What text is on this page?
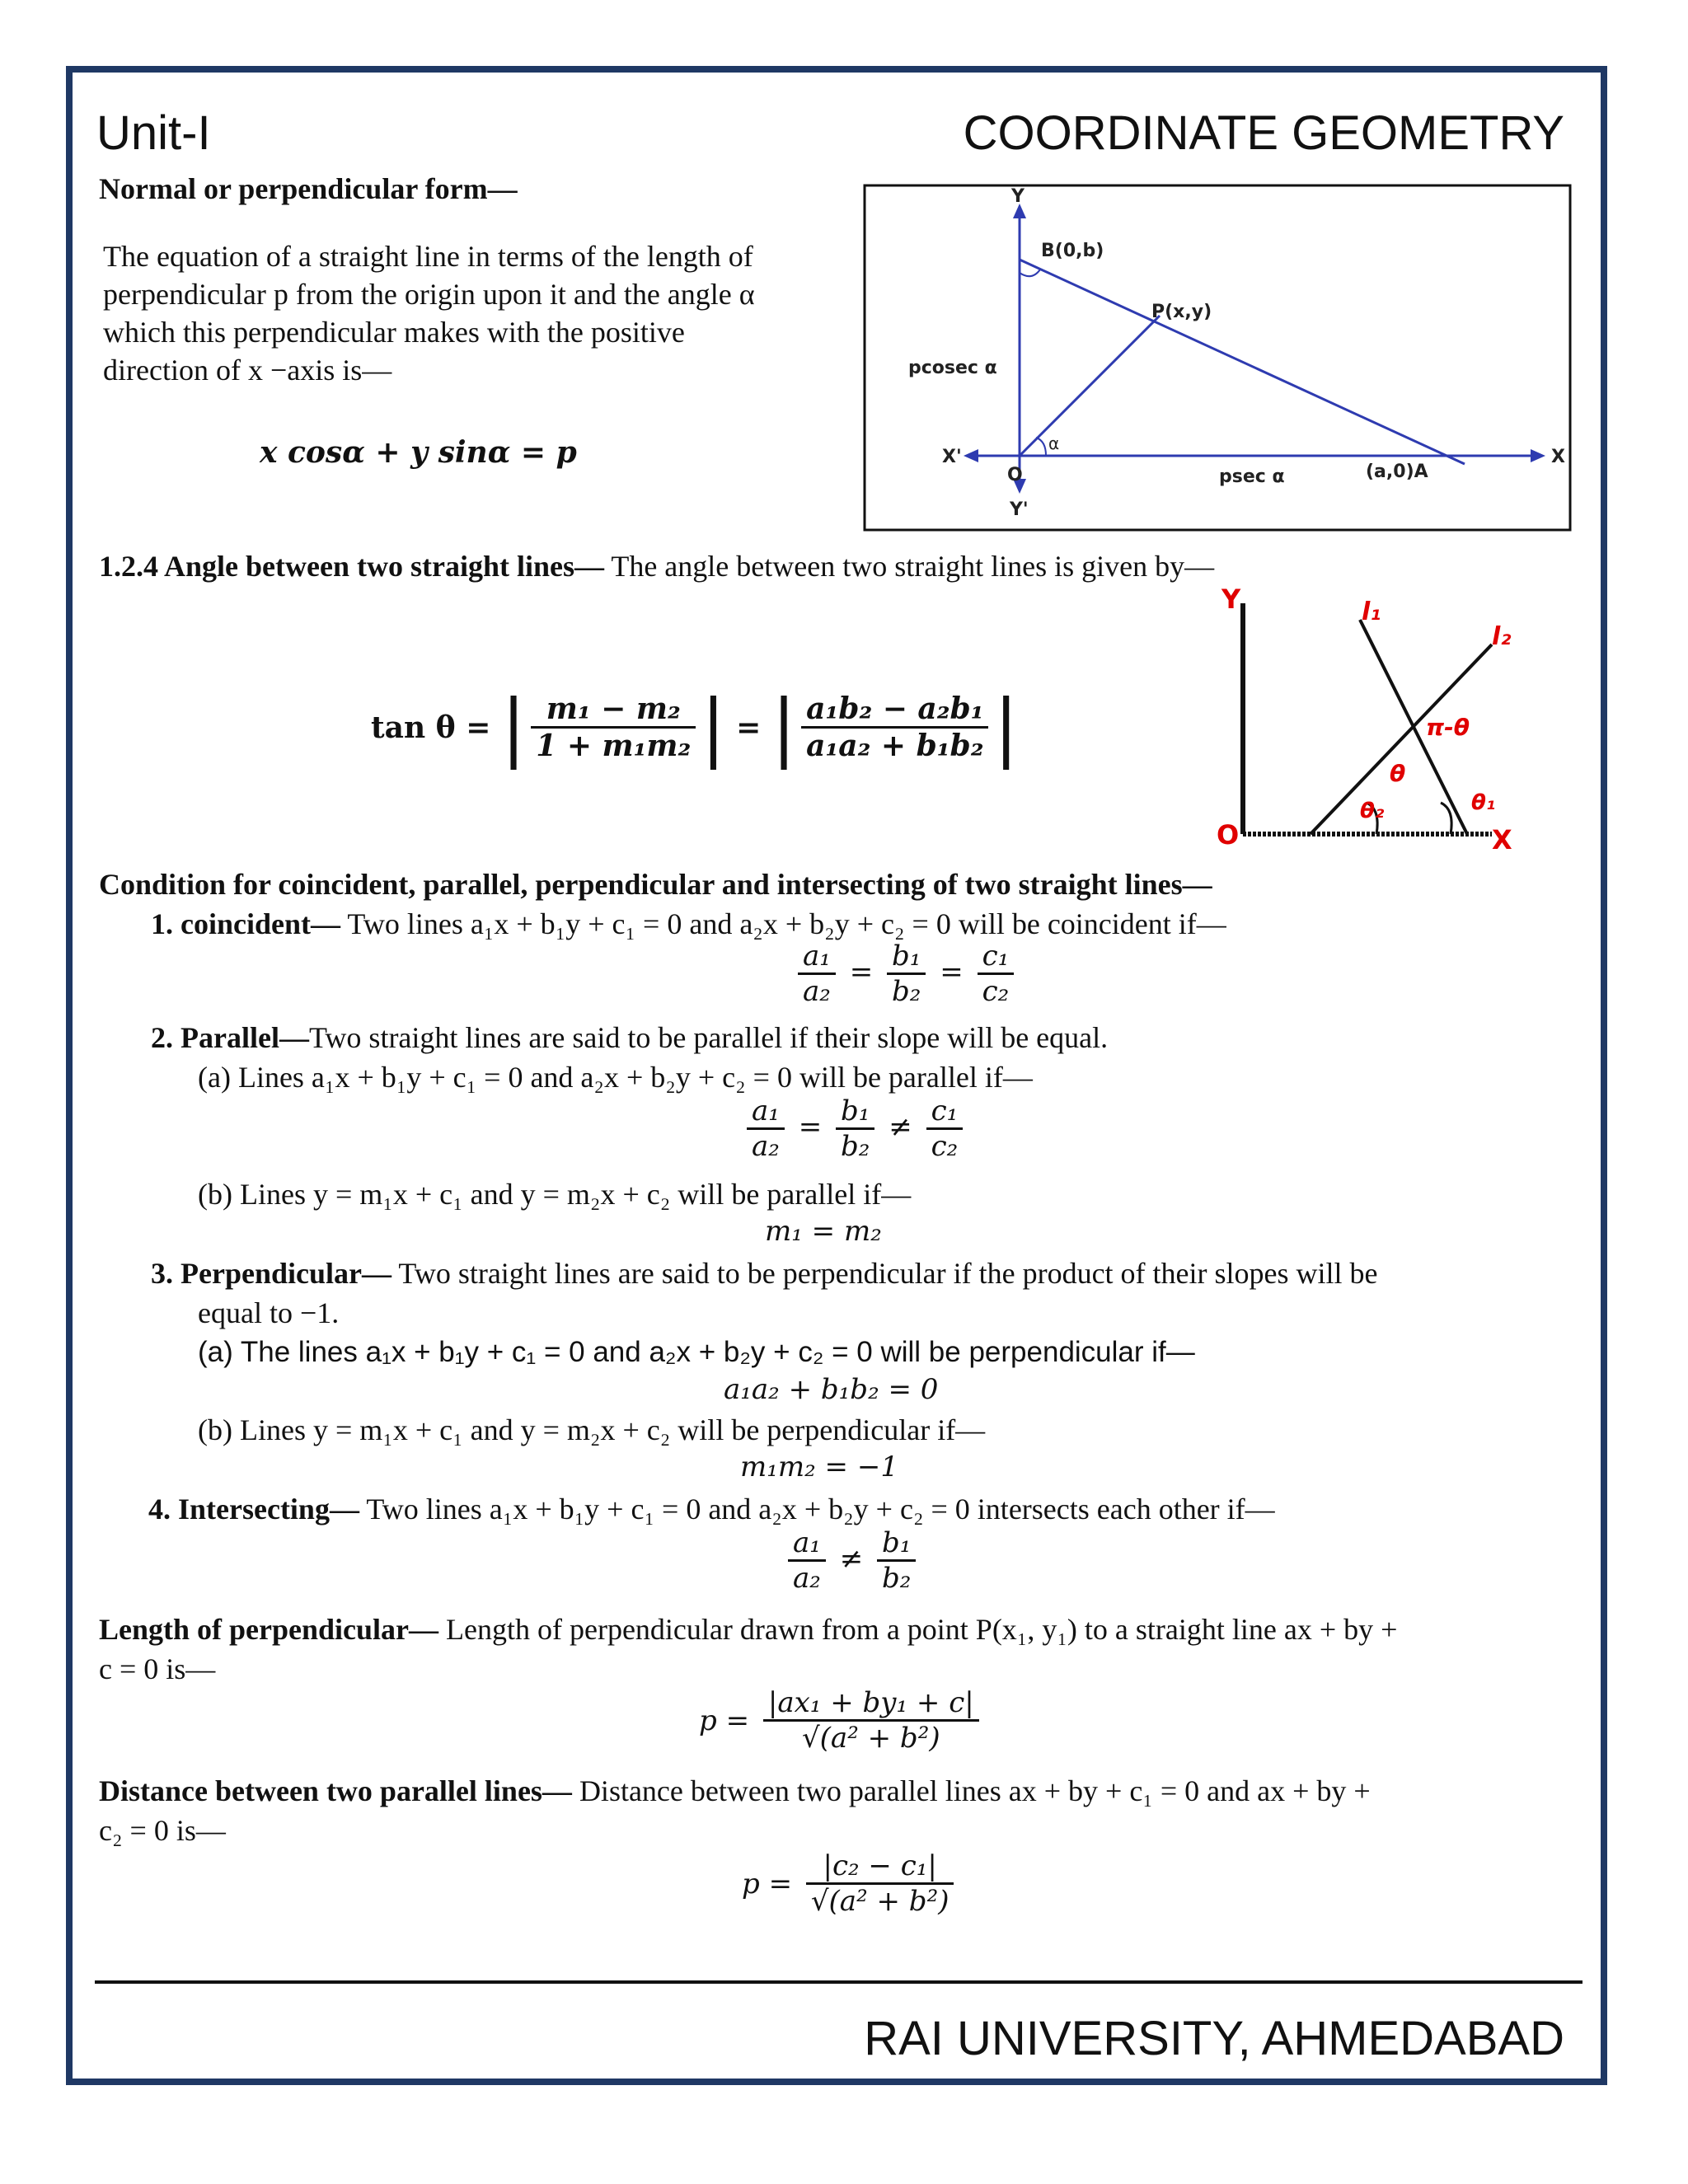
Unit-I	COORDINATE GEOMETRY
Normal or perpendicular form—
The equation of a straight line in terms of the length of
perpendicular p from the origin upon it and the angle α
which this perpendicular makes with the positive
direction of x −axis is—
x cosα + y sinα = p
Y
B(0,b)
P(x,y)
pcosec α
α
X'
O
Y'
psec α	(a,0)A
X
1.2.4 Angle between two straight lines— The angle between two straight lines is given by—
tan θ = | $\frac{\text{m₁ − m₂}}{\text{1 + m₁m₂}}$ | = | $\frac{\text{a₁b₂ − a₂b₁}}{\text{a₁a₂ + b₁b₂}}$ |
Y
O	X
l₁
l₂
π-θ
θ
θ₂	θ₁
Condition for coincident, parallel, perpendicular and intersecting of two straight lines—
1. coincident— Two lines a₁x + b₁y + c₁ = 0 and a₂x + b₂y + c₂ = 0 will be coincident if—
$\frac{\text{a₁}}{\text{a₂}} = \frac{\text{b₁}}{\text{b₂}} = \frac{\text{c₁}}{\text{c₂}}$
2. Parallel—Two straight lines are said to be parallel if their slope will be equal.
(a) Lines a₁x + b₁y + c₁ = 0 and a₂x + b₂y + c₂ = 0 will be parallel if—
$\frac{\text{a₁}}{\text{a₂}} = \frac{\text{b₁}}{\text{b₂}} \ne \frac{\text{c₁}}{\text{c₂}}$
(b) Lines y = m₁x + c₁ and y = m₂x + c₂ will be parallel if—
m₁ = m₂
3. Perpendicular— Two straight lines are said to be perpendicular if the product of their slopes will be
equal to −1.
(a) The lines a₁x + b₁y + c₁ = 0 and a₂x + b₂y + c₂ = 0 will be perpendicular if—
a₁a₂ + b₁b₂ = 0
(b) Lines y = m₁x + c₁ and y = m₂x + c₂ will be perpendicular if—
m₁m₂ = −1
4. Intersecting— Two lines a₁x + b₁y + c₁ = 0 and a₂x + b₂y + c₂ = 0 intersects each other if—
$\frac{\text{a₁}}{\text{a₂}} \ne \frac{\text{b₁}}{\text{b₂}}$
Length of perpendicular— Length of perpendicular drawn from a point P(x₁, y₁) to a straight line ax + by +
c = 0 is—
$p = \frac{\text{|ax₁ + by₁ + c|}}{\text{√(a² + b²)}}$
Distance between two parallel lines— Distance between two parallel lines ax + by + c₁ = 0 and ax + by +
c₂ = 0 is—
$p = \frac{\text{|c₂ − c₁|}}{\text{√(a² + b²)}}$
RAI UNIVERSITY, AHMEDABAD
